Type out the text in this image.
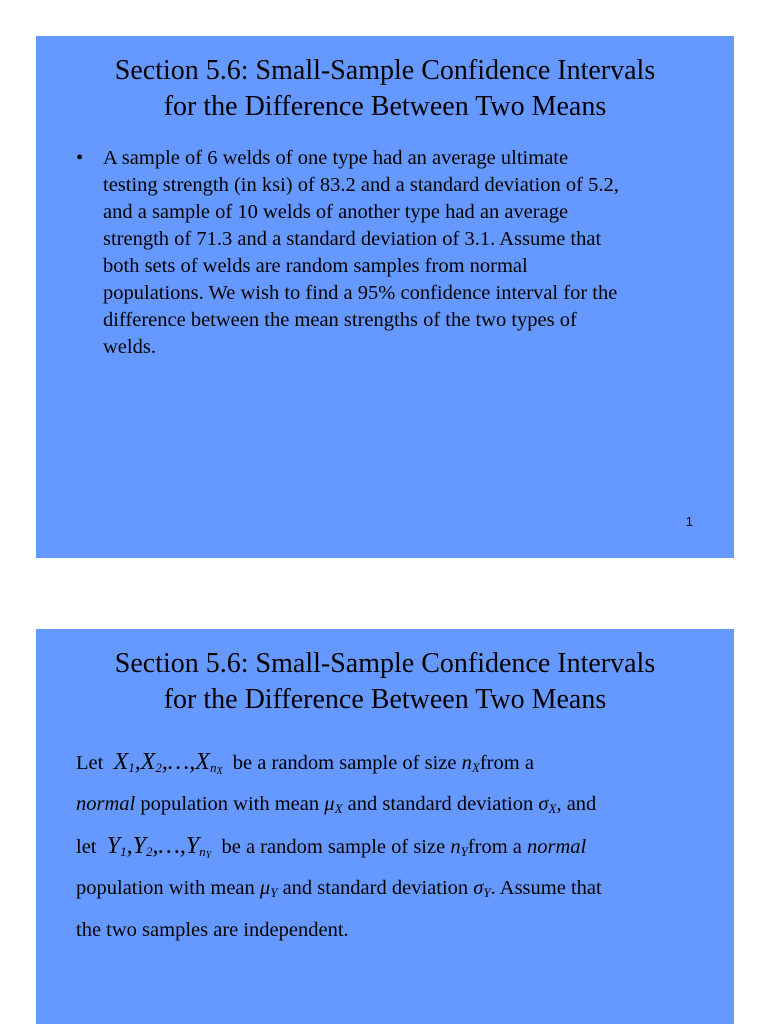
Section 5.6: Small-Sample Confidence Intervals
for the Difference Between Two Means
• A sample of 6 welds of one type had an average ultimate
testing strength (in ksi) of 83.2 and a standard deviation of 5.2,
and a sample of 10 welds of another type had an average
strength of 71.3 and a standard deviation of 3.1. Assume that
both sets of welds are random samples from normal
populations. We wish to find a 95% confidence interval for the
difference between the mean strengths of the two types of
welds.
1
Section 5.6: Small-Sample Confidence Intervals
for the Difference Between Two Means
Let $X_1,X_2,\dots,X_{n_X}$ be a random sample of size $n_Xfrom$ a
normal population with mean $\mu_X$ and standard deviation $\sigma_X$, and
let $Y_1,Y_2,\dots,Y_{n_Y}$ be a random sample of size $n_Yfrom$ a normal
population with mean $\mu_Y$ and standard deviation $\sigma_Y$. Assume that
the two samples are independent.
